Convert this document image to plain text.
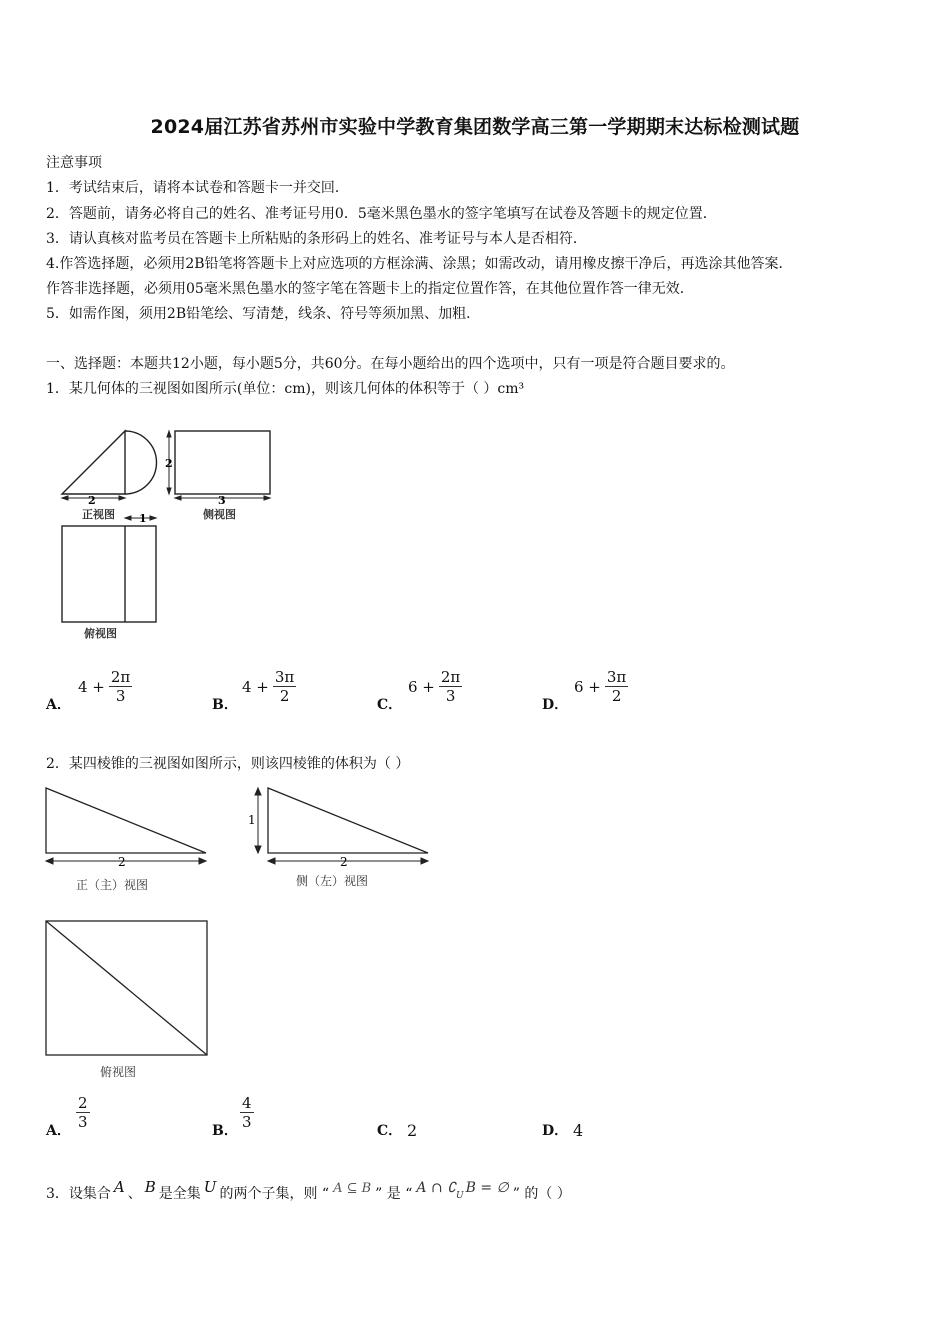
2024届江苏省苏州市实验中学教育集团数学高三第一学期期末达标检测试题
注意事项
1．考试结束后，请将本试卷和答题卡一并交回．
2．答题前，请务必将自己的姓名、准考证号用0．5毫米黑色墨水的签字笔填写在试卷及答题卡的规定位置．
3．请认真核对监考员在答题卡上所粘贴的条形码上的姓名、准考证号与本人是否相符．
4.作答选择题，必须用2B铅笔将答题卡上对应选项的方框涂满、涂黑；如需改动，请用橡皮擦干净后，再选涂其他答案．
作答非选择题，必须用05毫米黑色墨水的签字笔在答题卡上的指定位置作答，在其他位置作答一律无效．
5．如需作图，须用2B铅笔绘、写清楚，线条、符号等须加黑、加粗．
一、选择题：本题共12小题，每小题5分，共60分。在每小题给出的四个选项中，只有一项是符合题目要求的。
1．某几何体的三视图如图所示(单位：cm)，则该几何体的体积等于（ ）cm³
2	3
2
1
正视图	侧视图
俯视图
A．
$4 + \frac{2\pi}{3}$	B．
$4 + \frac{3\pi}{2}$	C．
$6 + \frac{2\pi}{3}$	D．
$6 + \frac{3\pi}{2}$
2．某四棱锥的三视图如图所示，则该四棱锥的体积为（ ）
2	2
1
正（主）视图	侧（左）视图
俯视图
A． $\frac{2}{3}$	B． $\frac{4}{3}$	C． 2	D． 4
3．设集合 A 、 B 是全集 U 的两个子集，则 “ A ⊆ B ” 是 “ A ∩ ∁ U B = ∅ ” 的（ ）
